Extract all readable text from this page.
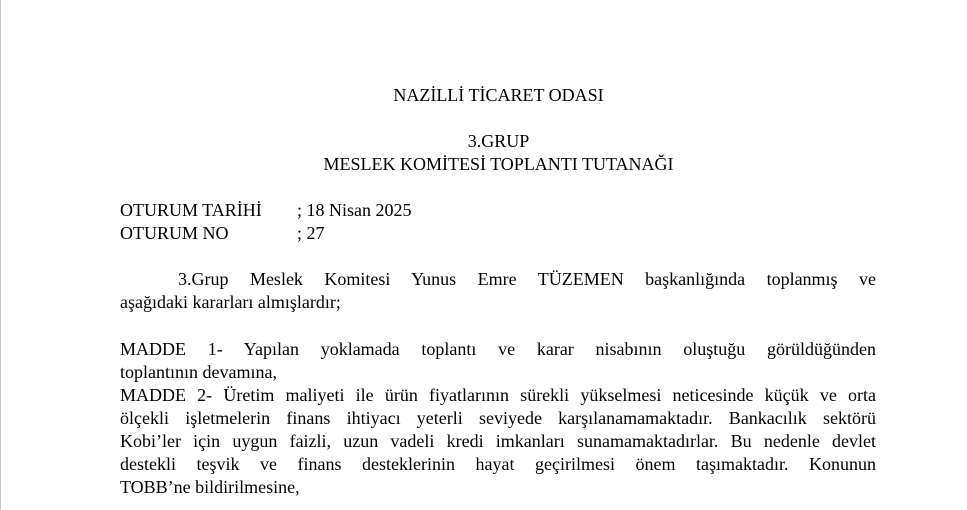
NAZİLLİ TİCARET ODASI
3.GRUP
MESLEK KOMİTESİ TOPLANTI TUTANAĞI
OTURUM TARİHİ ; 18 Nisan 2025
OTURUM NO	; 27
3.Grup Meslek Komitesi Yunus Emre TÜZEMEN başkanlığında toplanmış ve
aşağıdaki kararları almışlardır;
MADDE 1- Yapılan yoklamada toplantı ve karar nisabının oluştuğu görüldüğünden
toplantının devamına,
MADDE 2- Üretim maliyeti ile ürün fiyatlarının sürekli yükselmesi neticesinde küçük ve orta
ölçekli işletmelerin finans ihtiyacı yeterli seviyede karşılanamamaktadır. Bankacılık sektörü
Kobi’ler için uygun faizli, uzun vadeli kredi imkanları sunamamaktadırlar. Bu nedenle devlet
destekli teşvik ve finans desteklerinin hayat geçirilmesi önem taşımaktadır. Konunun
TOBB’ne bildirilmesine,
